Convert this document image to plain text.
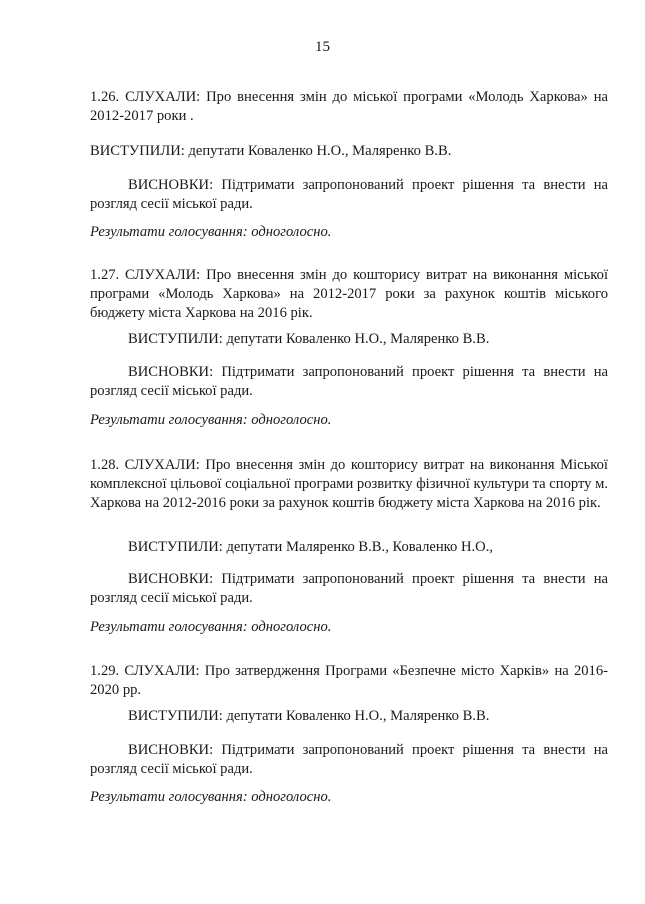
15

1.26. СЛУХАЛИ: Про внесення змін до міської програми «Молодь Харкова» на 2012-2017 роки .

ВИСТУПИЛИ: депутати Коваленко Н.О., Маляренко В.В.

ВИСНОВКИ: Підтримати запропонований проект рішення та внести на розгляд сесії міської ради.

Результати голосування: одноголосно.

1.27. СЛУХАЛИ: Про внесення змін до кошторису витрат на виконання міської програми «Молодь Харкова» на 2012-2017 роки за рахунок коштів міського бюджету міста Харкова на 2016 рік.

ВИСТУПИЛИ: депутати Коваленко Н.О., Маляренко В.В.

ВИСНОВКИ: Підтримати запропонований проект рішення та внести на розгляд сесії міської ради.

Результати голосування: одноголосно.

1.28. СЛУХАЛИ: Про внесення змін до кошторису витрат на виконання Міської комплексної цільової соціальної програми розвитку фізичної культури та спорту м. Харкова на 2012-2016 роки за рахунок коштів бюджету міста Харкова на 2016 рік.

ВИСТУПИЛИ: депутати Маляренко В.В., Коваленко Н.О.,

ВИСНОВКИ: Підтримати запропонований проект рішення та внести на розгляд сесії міської ради.

Результати голосування: одноголосно.

1.29. СЛУХАЛИ: Про затвердження Програми «Безпечне місто Харків» на 2016-2020 рр.

ВИСТУПИЛИ: депутати Коваленко Н.О., Маляренко В.В.

ВИСНОВКИ: Підтримати запропонований проект рішення та внести на розгляд сесії міської ради.

Результати голосування: одноголосно.
